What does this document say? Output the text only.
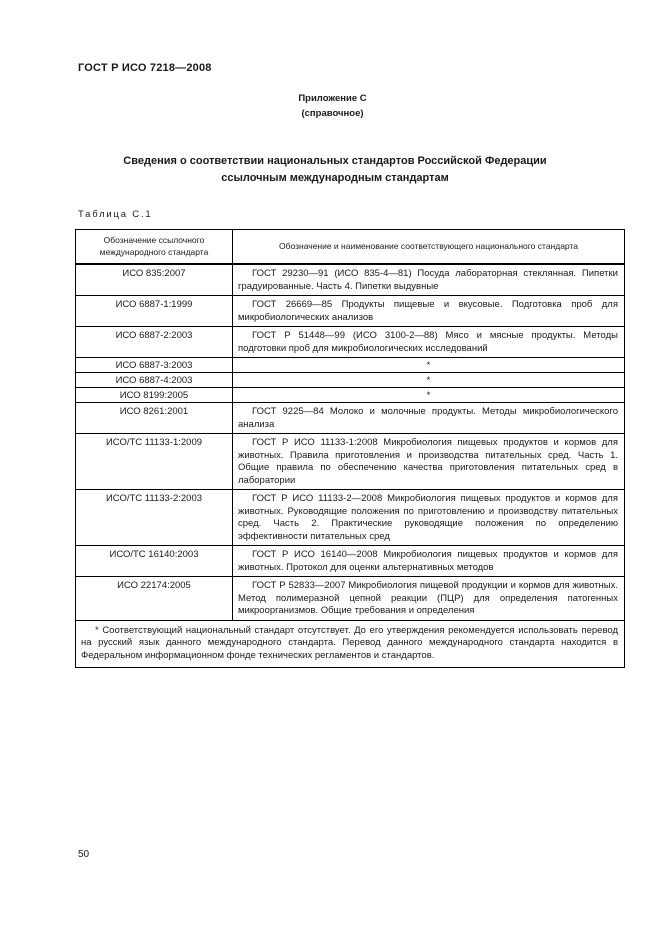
ГОСТ Р ИСО 7218—2008
Приложение С
(справочное)
Сведения о соответствии национальных стандартов Российской Федерации
ссылочным международным стандартам
Таблица С.1
Обозначение ссылочного международного стандарта	Обозначение и наименование соответствующего национального стандарта
ИСО 835:2007	ГОСТ 29230—91 (ИСО 835-4—81) Посуда лабораторная стеклянная. Пипетки градуированные. Часть 4. Пипетки выдувные
ИСО 6887-1:1999	ГОСТ 26669—85 Продукты пищевые и вкусовые. Подготовка проб для микробиологических анализов
ИСО 6887-2:2003	ГОСТ Р 51448—99 (ИСО 3100-2—88) Мясо и мясные продукты. Методы подготовки проб для микробиологических исследований
ИСО 6887-3:2003	*
ИСО 6887-4:2003	*
ИСО 8199:2005	*
ИСО 8261:2001	ГОСТ 9225—84 Молоко и молочные продукты. Методы микробиологического анализа
ИСО/ТС 11133-1:2009	ГОСТ Р ИСО 11133-1:2008 Микробиология пищевых продуктов и кормов для животных. Правила приготовления и производства питательных сред. Часть 1. Общие правила по обеспечению качества приготовления питательных сред в лаборатории
ИСО/ТС 11133-2:2003	ГОСТ Р ИСО 11133-2—2008 Микробиология пищевых продуктов и кормов для животных. Руководящие положения по приготовлению и производству питательных сред. Часть 2. Практические руководящие положения по определению эффективности питательных сред
ИСО/ТС 16140:2003	ГОСТ Р ИСО 16140—2008 Микробиология пищевых продуктов и кормов для животных. Протокол для оценки альтернативных методов
ИСО 22174:2005	ГОСТ Р 52833—2007 Микробиология пищевой продукции и кормов для животных. Метод полимеразной цепной реакции (ПЦР) для определения патогенных микроорганизмов. Общие требования и определения
* Соответствующий национальный стандарт отсутствует. До его утверждения рекомендуется использовать перевод на русский язык данного международного стандарта. Перевод данного международного стандарта находится в Федеральном информационном фонде технических регламентов и стандартов.	
50
